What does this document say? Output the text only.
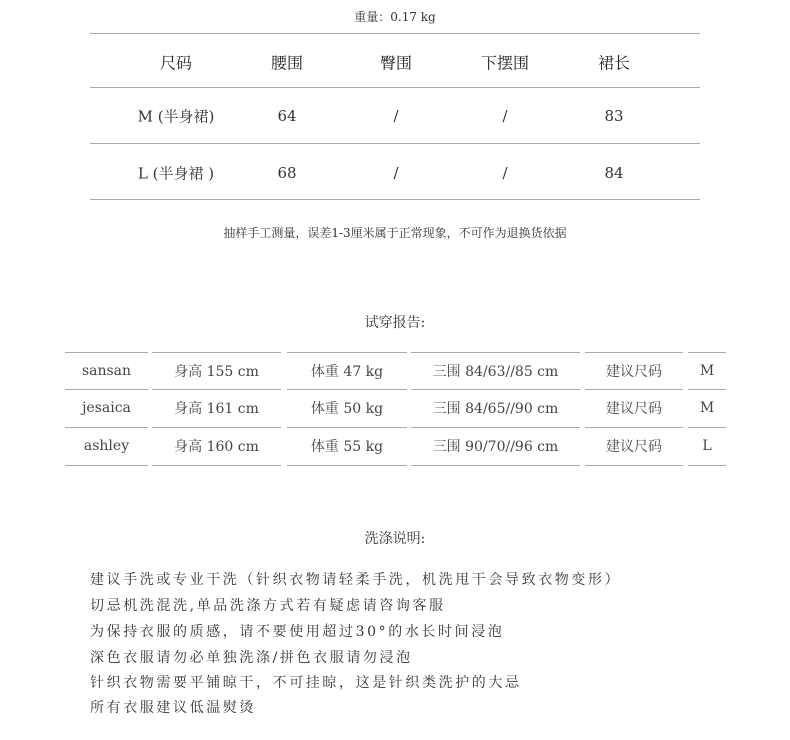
重量：0.17 kg
尺码	腰围	臀围	下摆围	裙长
M (半身裙)	64	/	/	83
L (半身裙 )	68	/	/	84
抽样手工测量，误差1-3厘米属于正常现象，不可作为退换货依据
试穿报告:
sansan	身高 155 cm	体重 47 kg	三围 84/63//85 cm	建议尺码	M
jesaica	身高 161 cm	体重 50 kg	三围 84/65//90 cm	建议尺码	M
ashley	身高 160 cm	体重 55 kg	三围 90/70//96 cm	建议尺码	L
洗涤说明:
建议手洗或专业干洗（针织衣物请轻柔手洗，机洗甩干会导致衣物变形）
切忌机洗混洗,单品洗涤方式若有疑虑请咨询客服
为保持衣服的质感，请不要使用超过30°的水长时间浸泡
深色衣服请勿必单独洗涤/拼色衣服请勿浸泡
针织衣物需要平铺晾干，不可挂晾，这是针织类洗护的大忌
所有衣服建议低温熨烫
